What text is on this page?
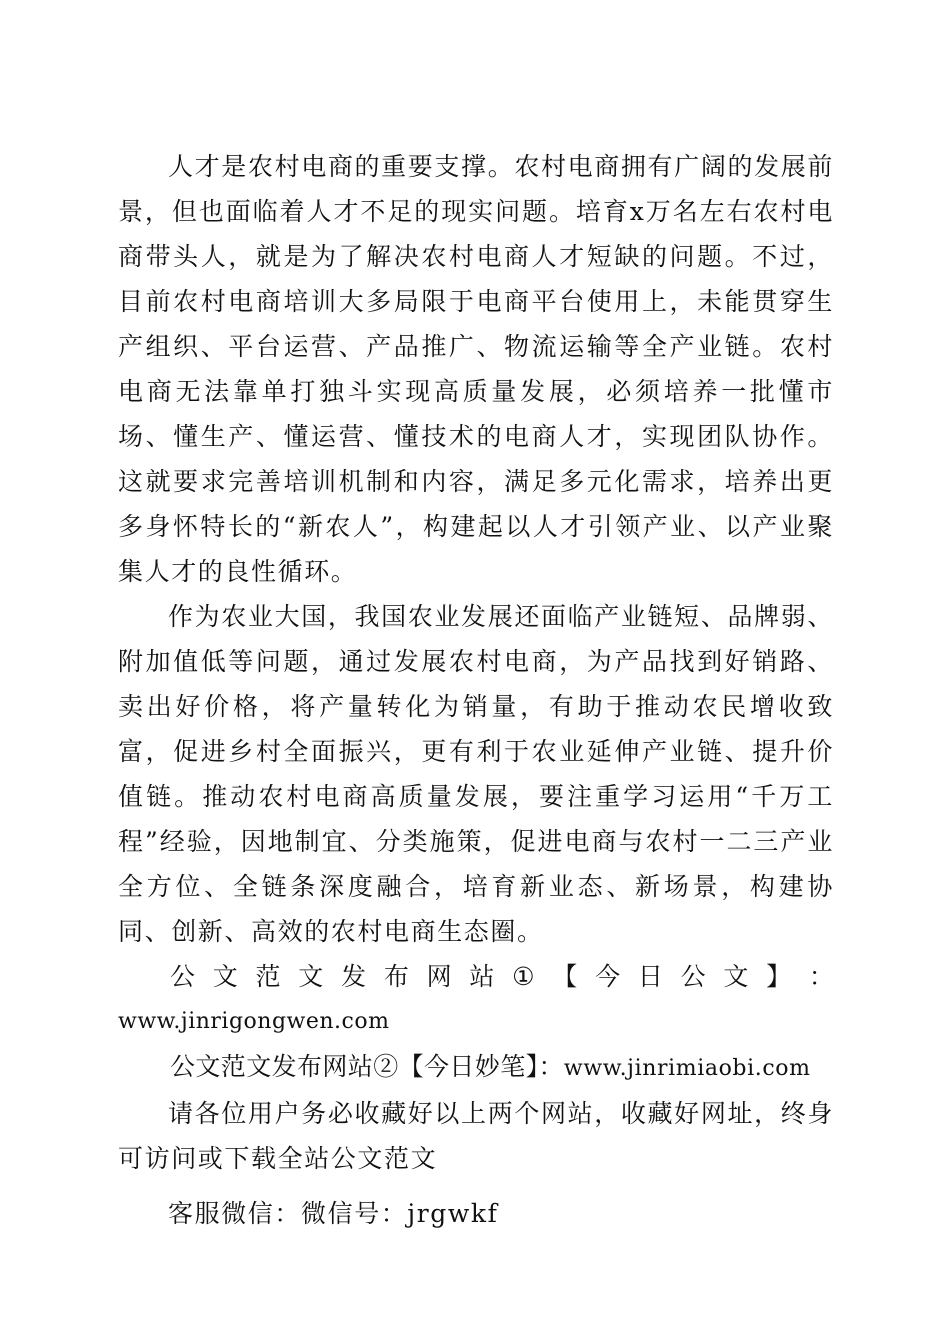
人才是农村电商的重要支撑。农村电商拥有广阔的发展前景，但也面临着人才不足的现实问题。培育x万名左右农村电商带头人，就是为了解决农村电商人才短缺的问题。不过，目前农村电商培训大多局限于电商平台使用上，未能贯穿生产组织、平台运营、产品推广、物流运输等全产业链。农村电商无法靠单打独斗实现高质量发展，必须培养一批懂市场、懂生产、懂运营、懂技术的电商人才，实现团队协作。这就要求完善培训机制和内容，满足多元化需求，培养出更多身怀特长的“新农人”，构建起以人才引领产业、以产业聚集人才的良性循环。

作为农业大国，我国农业发展还面临产业链短、品牌弱、附加值低等问题，通过发展农村电商，为产品找到好销路、卖出好价格，将产量转化为销量，有助于推动农民增收致富，促进乡村全面振兴，更有利于农业延伸产业链、提升价值链。推动农村电商高质量发展，要注重学习运用“千万工程”经验，因地制宜、分类施策，促进电商与农村一二三产业全方位、全链条深度融合，培育新业态、新场景，构建协同、创新、高效的农村电商生态圈。

公 文 范 文 发 布 网 站 ① 【 今 日 公 文 】 ：

www.jinrigongwen.com

公文范文发布网站②【今日妙笔】：www.jinrimiaobi.com

请各位用户务必收藏好以上两个网站，收藏好网址，终身可访问或下载全站公文范文

客服微信：微信号：jrgwkf
